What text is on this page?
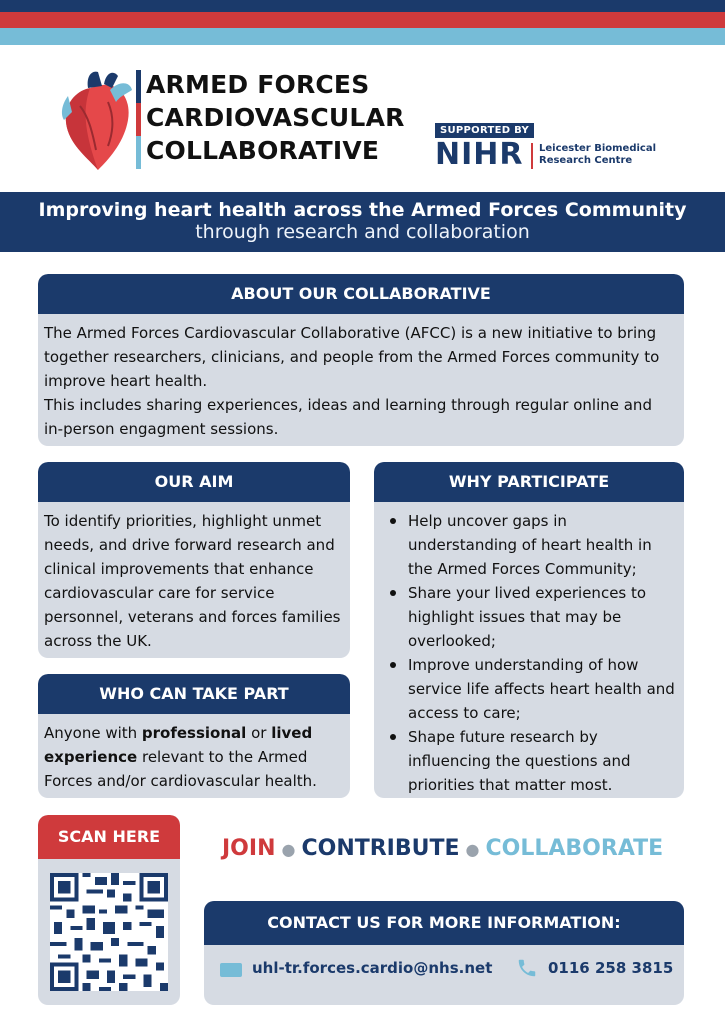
ARMED FORCES
CARDIOVASCULAR
COLLABORATIVE
SUPPORTED BY
NIHR Leicester Biomedical
Research Centre
Improving heart health across the Armed Forces Community
through research and collaboration
ABOUT OUR COLLABORATIVE
The Armed Forces Cardiovascular Collaborative (AFCC) is a new initiative to bring together researchers, clinicians, and people from the Armed Forces community to improve heart health.
This includes sharing experiences, ideas and learning through regular online and in-person engagment sessions.
OUR AIM
To identify priorities, highlight unmet needs, and drive forward research and clinical improvements that enhance cardiovascular care for service personnel, veterans and forces families across the UK.
WHO CAN TAKE PART
Anyone with professional or lived experience relevant to the Armed Forces and/or cardiovascular health.
WHY PARTICIPATE
Help uncover gaps in understanding of heart health in the Armed Forces Community;
Share your lived experiences to highlight issues that may be overlooked;
Improve understanding of how service life affects heart health and access to care;
Shape future research by influencing the questions and priorities that matter most.
SCAN HERE	JOIN ● CONTRIBUTE ● COLLABORATE
CONTACT US FOR MORE INFORMATION:
uhl-tr.forces.cardio@nhs.net	0116 258 3815
